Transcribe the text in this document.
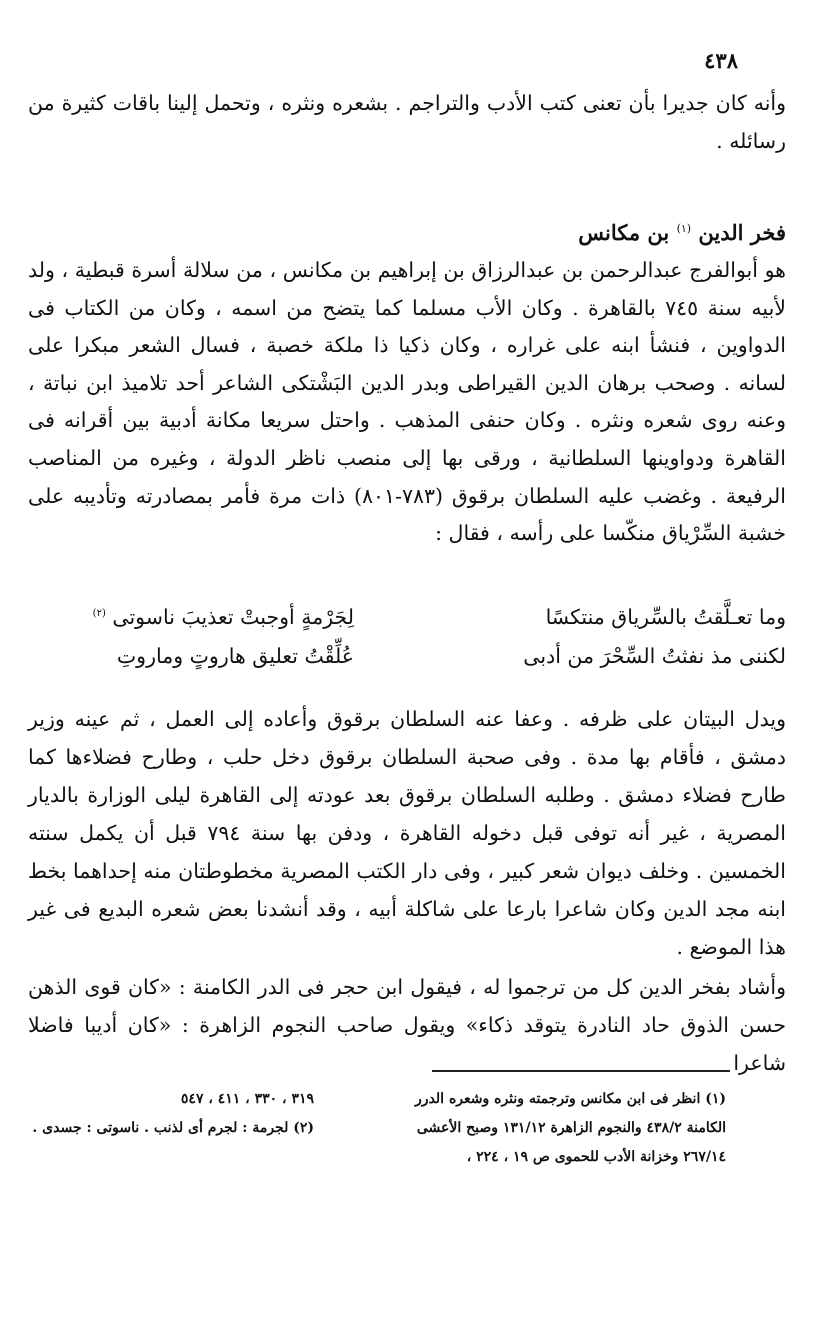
٤٣٨

وأنه كان جديرا بأن تعنى كتب الأدب والتراجم . بشعره ونثره ، وتحمل إلينا باقات كثيرة من رسائله .

فخر الدين $^{(١)}$ بن مكانس

هو أبوالفرج عبدالرحمن بن عبدالرزاق بن إبراهيم بن مكانس ، من سلالة أسرة قبطية ، ولد لأبيه سنة ٧٤٥ بالقاهرة . وكان الأب مسلما كما يتضح من اسمه ، وكان من الكتاب فى الدواوين ، فنشأ ابنه على غراره ، وكان ذكيا ذا ملكة خصبة ، فسال الشعر مبكرا على لسانه . وصحب برهان الدين القيراطى وبدر الدين البَشْتكى الشاعر أحد تلاميذ ابن نباتة ، وعنه روى شعره ونثره . وكان حنفى المذهب . واحتل سريعا مكانة أدبية بين أقرانه فى القاهرة ودواوينها السلطانية ، ورقى بها إلى منصب ناظر الدولة ، وغيره من المناصب الرفيعة . وغضب عليه السلطان برقوق (٧٨٣-٨٠١) ذات مرة فأمر بمصادرته وتأديبه على خشبة السِّرْياق منكّسا على رأسه ، فقال :

وما تعـلَّقتُ بالسِّرياق منتكسًا
لِجَرْمةٍ أوجبتْ تعذيبَ ناسوتى $^{(٢)}$
لكننى مذ نفثتُ السِّحْرَ من أدبى
عُلِّقْتُ تعليق هاروتٍ وماروتِ

ويدل البيتان على ظرفه . وعفا عنه السلطان برقوق وأعاده إلى العمل ، ثم عينه وزير دمشق ، فأقام بها مدة . وفى صحبة السلطان برقوق دخل حلب ، وطارح فضلاءها كما طارح فضلاء دمشق . وطلبه السلطان برقوق بعد عودته إلى القاهرة ليلى الوزارة بالديار المصرية ، غير أنه توفى قبل دخوله القاهرة ، ودفن بها سنة ٧٩٤ قبل أن يكمل سنته الخمسين . وخلف ديوان شعر كبير ، وفى دار الكتب المصرية مخطوطتان منه إحداهما بخط ابنه مجد الدين وكان شاعرا بارعا على شاكلة أبيه ، وقد أنشدنا بعض شعره البديع فى غير هذا الموضع .

وأشاد بفخر الدين كل من ترجموا له ، فيقول ابن حجر فى الدر الكامنة : «كان قوى الذهن حسن الذوق حاد النادرة يتوقد ذكاء» ويقول صاحب النجوم الزاهرة : «كان أديبا فاضلا شاعرا

(١) انظر فى ابن مكانس وترجمته ونثره وشعره الدرر
الكامنة ٤٣٨/٢ والنجوم الزاهرة ١٣١/١٢ وصبح الأعشى
٢٦٧/١٤ وخزانة الأدب للحموى ص ١٩ ، ٢٢٤ ،
٣١٩ ، ٣٣٠ ، ٤١١ ، ٥٤٧
(٢) لجرمة : لجرم أى لذنب . ناسوتى : جسدى .
